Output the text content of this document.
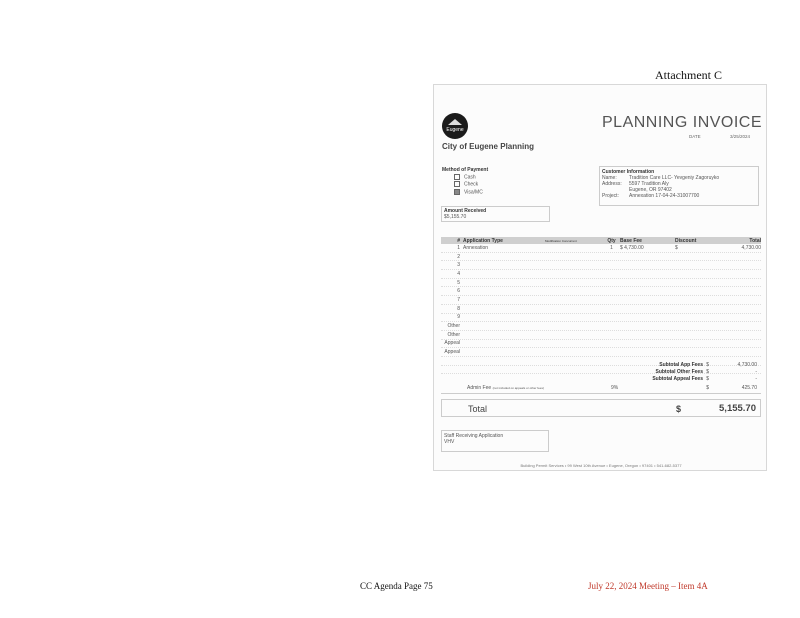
Attachment C
Eugene
City of Eugene Planning
PLANNING INVOICE
DATE	3/25/2024
Method of Payment
Cash
Check
Visa/MC
Customer Information
Name:	Tradition Care LLC- Yevgeniy Zagoruyko
Address:	5597 Tradition Aly
Eugene, OR 97402
Project:	Annexation 17-04-24-31007700
Amount Received
$5,155.70
# Application Type	Modification Concurrent	Qty Base Fee	Discount	Total
1 Annexation	1	$ 4,730.00	$	4,730.00
2
3
4
5
6
7
8
9
Other
Other
Appeal
Appeal
Subtotal App Fees $	4,730.00
Subtotal Other Fees $	-
Subtotal Appeal Fees $	-
Admin Fee (not included on appeals or other fees)	9%	$	425.70
Total	$	5,155.70
Staff Receiving Application
VHV
Building Permit Services • 99 West 10th Avenue • Eugene, Oregon • 97401 • 541-682-5377
CC Agenda Page 75	July 22, 2024 Meeting – Item 4A
